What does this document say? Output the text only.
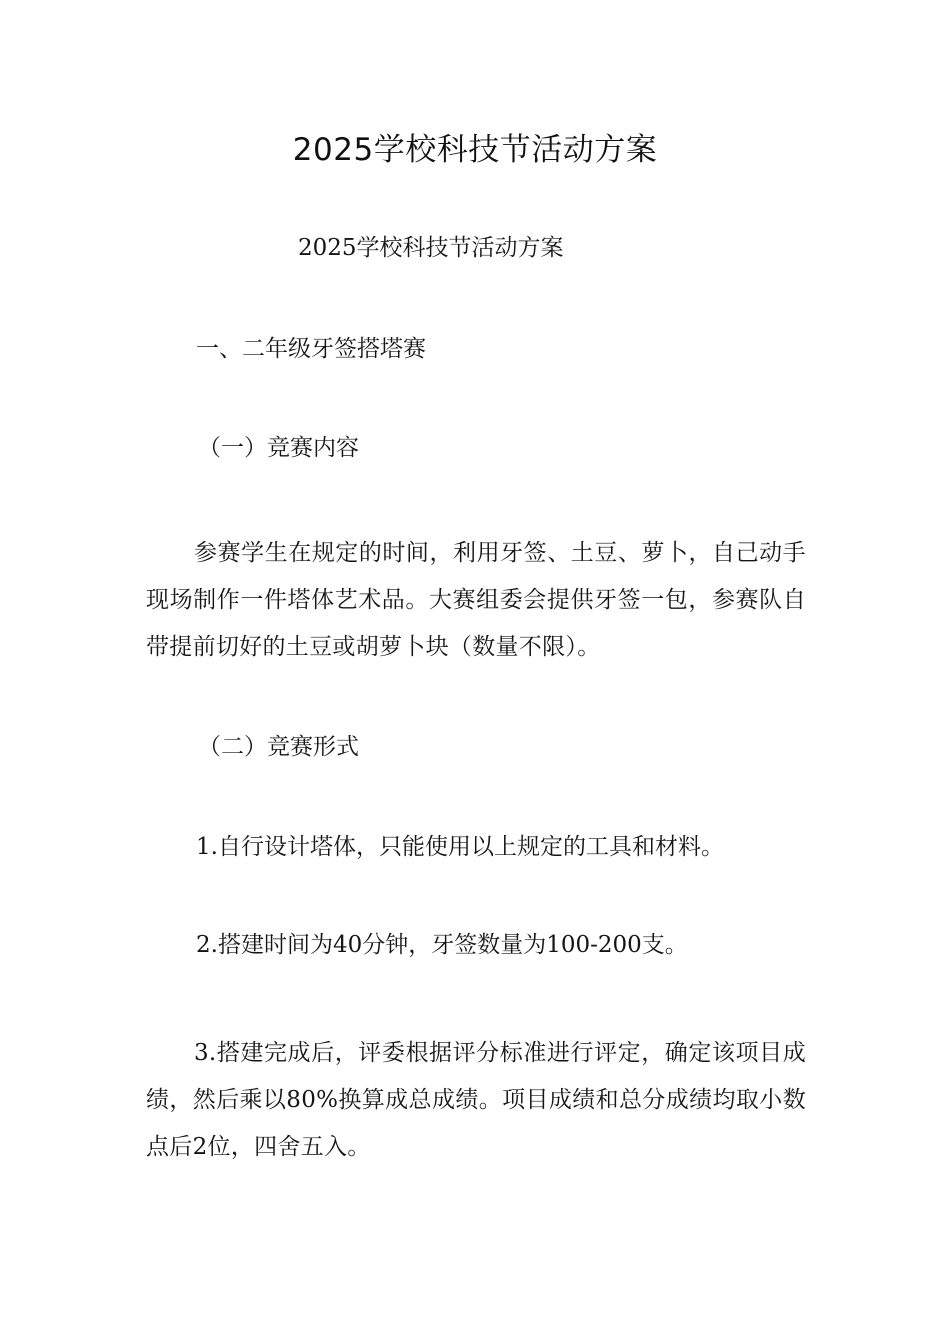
2025学校科技节活动方案
2025学校科技节活动方案
一、二年级牙签搭塔赛
（一）竞赛内容
参赛学生在规定的时间，利用牙签、土豆、萝卜，自己动手现场制作一件塔体艺术品。大赛组委会提供牙签一包，参赛队自带提前切好的土豆或胡萝卜块（数量不限）。
（二）竞赛形式
1.自行设计塔体，只能使用以上规定的工具和材料。
2.搭建时间为40分钟，牙签数量为100-200支。
3.搭建完成后，评委根据评分标准进行评定，确定该项目成绩，然后乘以80%换算成总成绩。项目成绩和总分成绩均取小数点后2位，四舍五入。
